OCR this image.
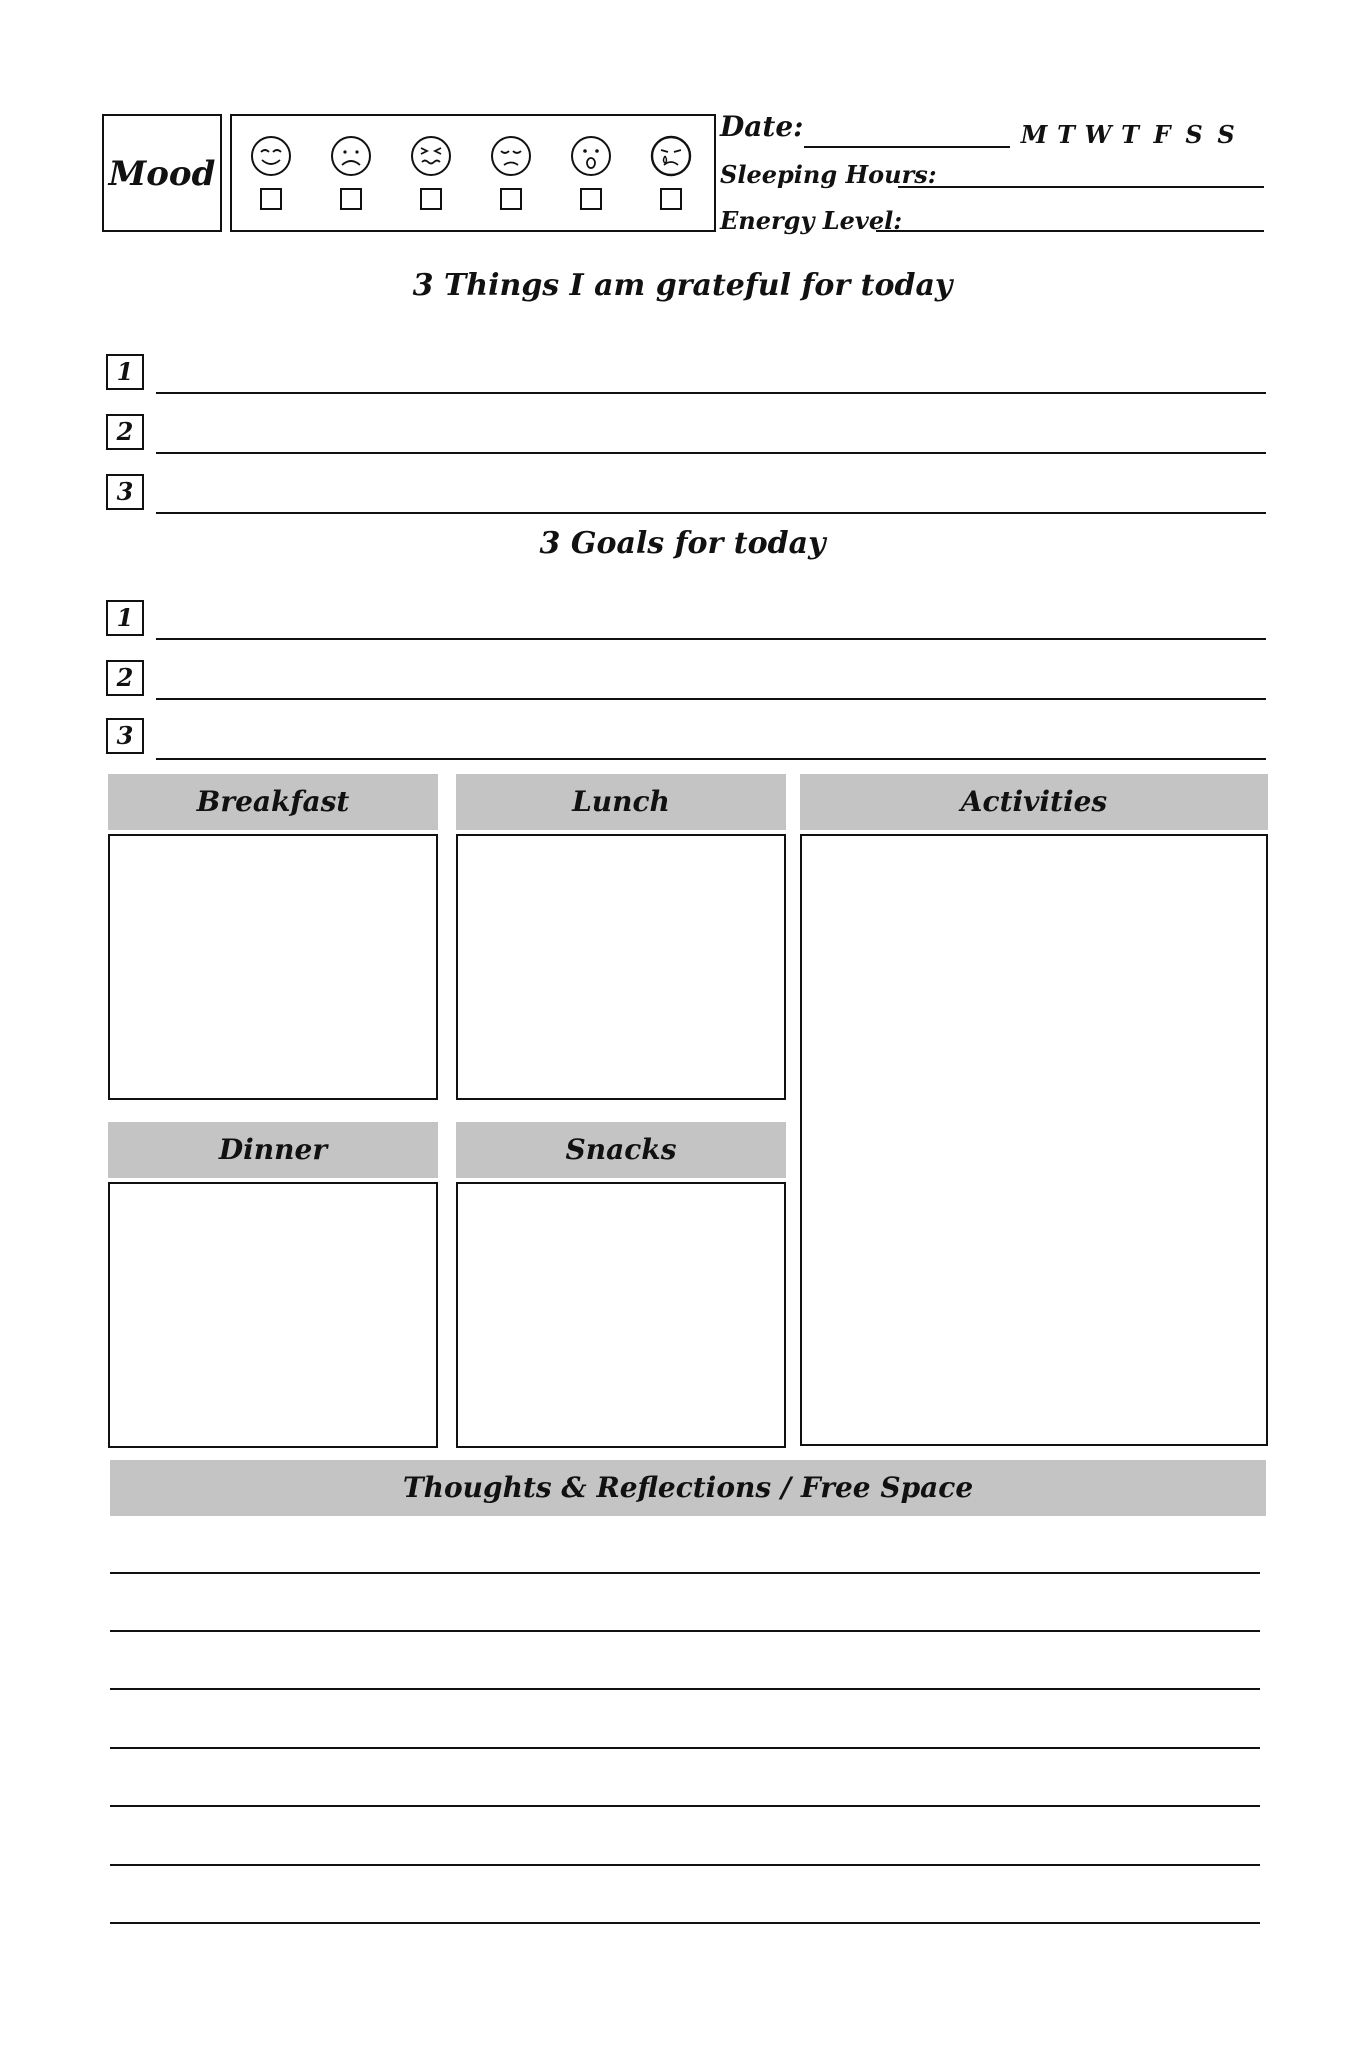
Mood
Date:	M T W T F S S
Sleeping Hours:
Energy Level:
3 Things I am grateful for today
1
2
3
3 Goals for today
1
2
3
Breakfast	Lunch	Activities
Dinner	Snacks
Thoughts & Reflections / Free Space
